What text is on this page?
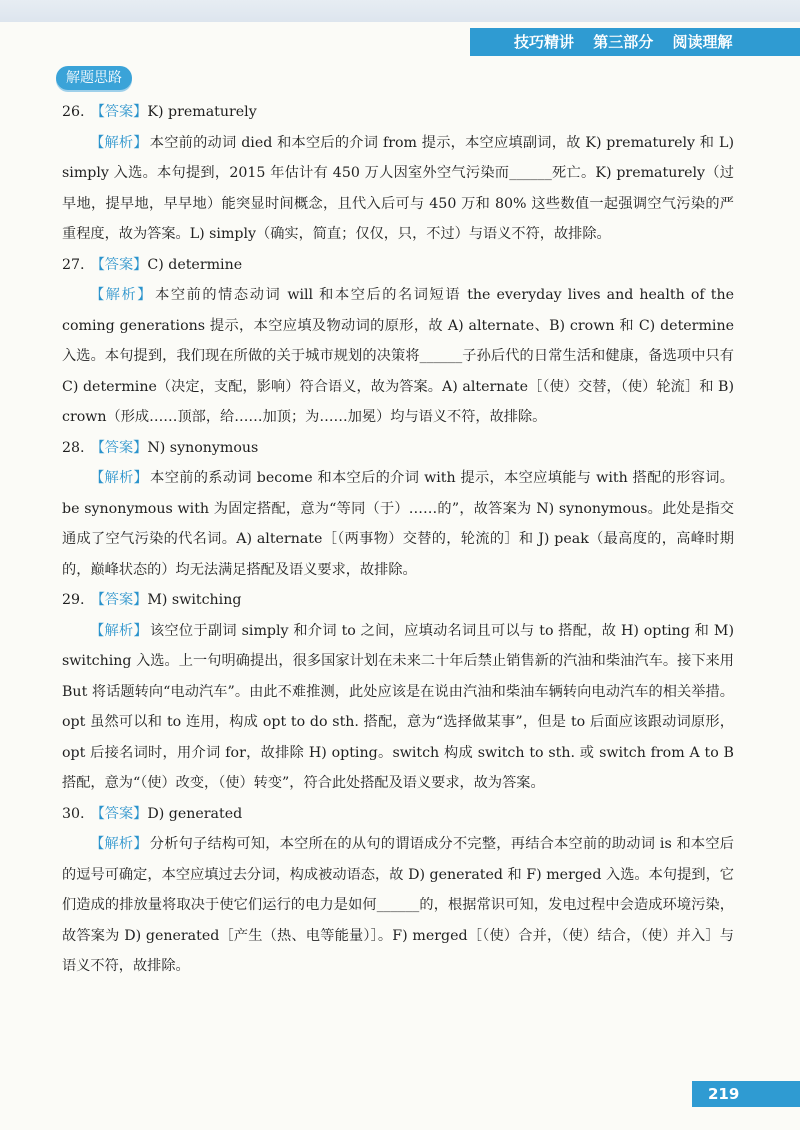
技巧精讲 第三部分 阅读理解
解题思路
26. 【答案】K) prematurely

【解析】 本空前的动词 died 和本空后的介词 from 提示，本空应填副词，故 K) prematurely 和 L) simply 入选。本句提到，2015 年估计有 450 万人因室外空气污染而______死亡。K) prematurely（过早地，提早地，早早地）能突显时间概念，且代入后可与 450 万和 80% 这些数值一起强调空气污染的严重程度，故为答案。L) simply（确实，简直；仅仅，只，不过）与语义不符，故排除。

27. 【答案】C) determine

【解析】 本空前的情态动词 will 和本空后的名词短语 the everyday lives and health of the coming generations 提示，本空应填及物动词的原形，故 A) alternate、B) crown 和 C) determine 入选。本句提到，我们现在所做的关于城市规划的决策将______子孙后代的日常生活和健康，备选项中只有 C) determine（决定，支配，影响）符合语义，故为答案。A) alternate［（使）交替，（使）轮流］和 B) crown（形成……顶部，给……加顶；为……加冕）均与语义不符，故排除。

28. 【答案】N) synonymous

【解析】 本空前的系动词 become 和本空后的介词 with 提示，本空应填能与 with 搭配的形容词。be synonymous with 为固定搭配，意为“等同（于）……的”，故答案为 N) synonymous。此处是指交通成了空气污染的代名词。A) alternate［（两事物）交替的，轮流的］和 J) peak（最高度的，高峰时期的，巅峰状态的）均无法满足搭配及语义要求，故排除。

29. 【答案】M) switching

【解析】 该空位于副词 simply 和介词 to 之间，应填动名词且可以与 to 搭配，故 H) opting 和 M) switching 入选。上一句明确提出，很多国家计划在未来二十年后禁止销售新的汽油和柴油汽车。接下来用 But 将话题转向“电动汽车”。由此不难推测，此处应该是在说由汽油和柴油车辆转向电动汽车的相关举措。opt 虽然可以和 to 连用，构成 opt to do sth. 搭配，意为“选择做某事”，但是 to 后面应该跟动词原形，opt 后接名词时，用介词 for，故排除 H) opting。switch 构成 switch to sth. 或 switch from A to B 搭配，意为“（使）改变，（使）转变”，符合此处搭配及语义要求，故为答案。

30. 【答案】D) generated

【解析】 分析句子结构可知，本空所在的从句的谓语成分不完整，再结合本空前的助动词 is 和本空后的逗号可确定，本空应填过去分词，构成被动语态，故 D) generated 和 F) merged 入选。本句提到，它们造成的排放量将取决于使它们运行的电力是如何______的，根据常识可知，发电过程中会造成环境污染，故答案为 D) generated［产生（热、电等能量）］。F) merged［（使）合并，（使）结合，（使）并入］与语义不符，故排除。

219
